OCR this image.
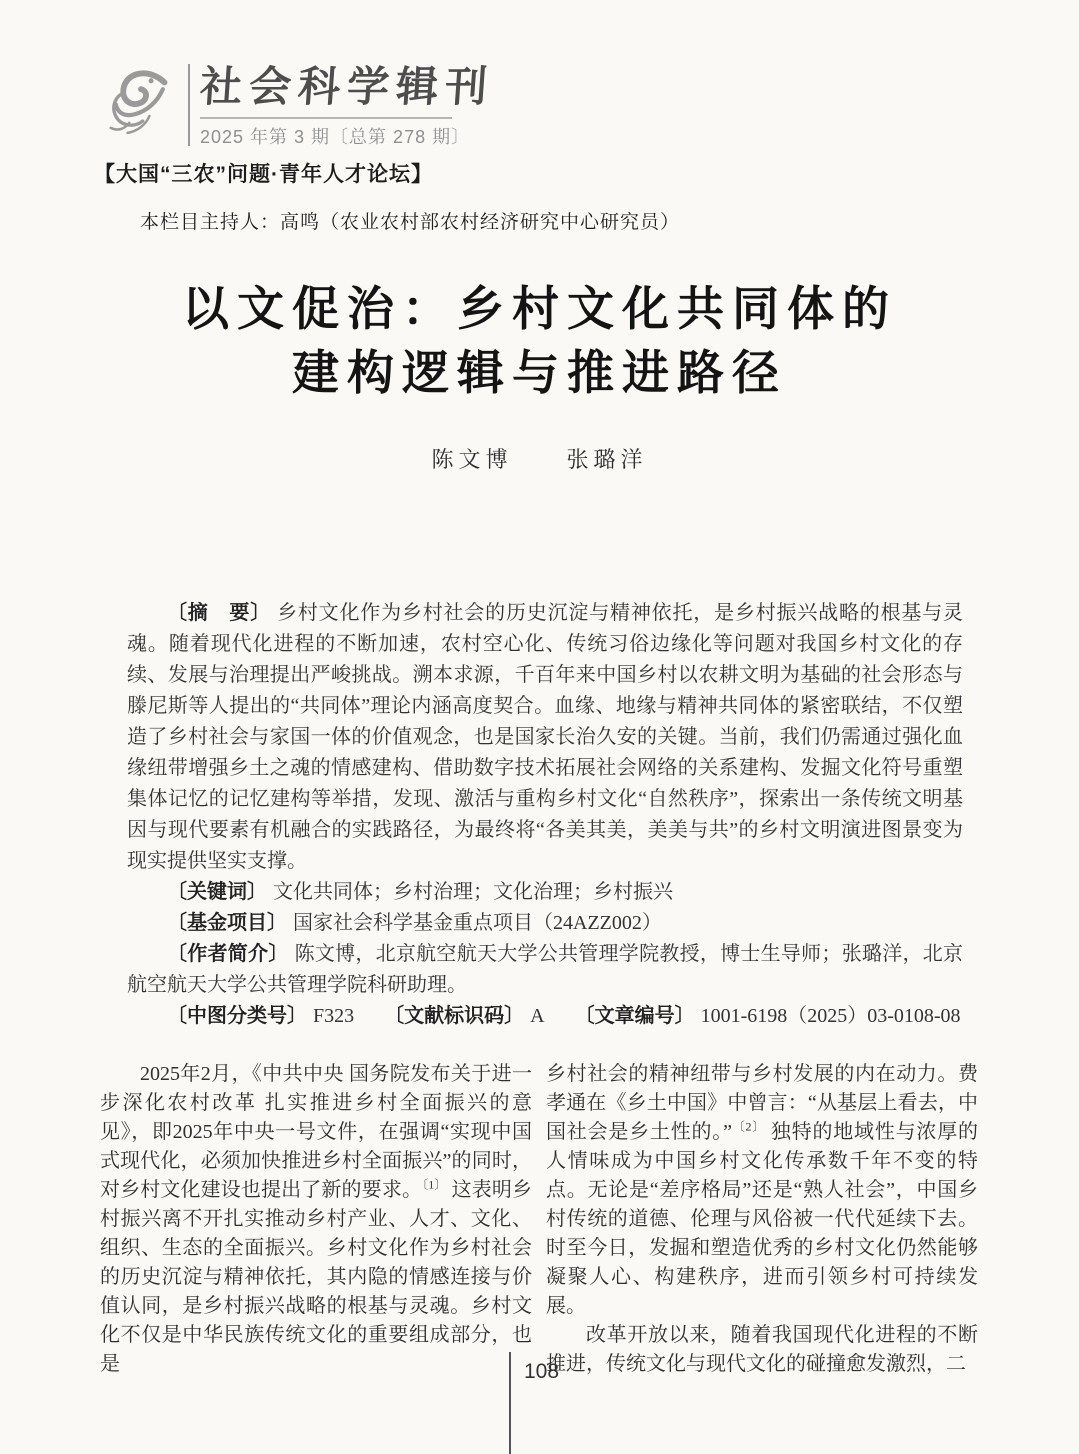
社会科学辑刊
2025 年第 3 期〔总第 278 期〕
【大国“三农”问题·青年人才论坛】
本栏目主持人：高鸣（农业农村部农村经济研究中心研究员）
以文促治：乡村文化共同体的
建构逻辑与推进路径
陈文博　　张璐洋

〔摘　要〕 乡村文化作为乡村社会的历史沉淀与精神依托，是乡村振兴战略的根基与灵魂。随着现代化进程的不断加速，农村空心化、传统习俗边缘化等问题对我国乡村文化的存续、发展与治理提出严峻挑战。溯本求源，千百年来中国乡村以农耕文明为基础的社会形态与滕尼斯等人提出的“共同体”理论内涵高度契合。血缘、地缘与精神共同体的紧密联结，不仅塑造了乡村社会与家国一体的价值观念，也是国家长治久安的关键。当前，我们仍需通过强化血缘纽带增强乡土之魂的情感建构、借助数字技术拓展社会网络的关系建构、发掘文化符号重塑集体记忆的记忆建构等举措，发现、激活与重构乡村文化“自然秩序”，探索出一条传统文明基因与现代要素有机融合的实践路径，为最终将“各美其美，美美与共”的乡村文明演进图景变为现实提供坚实支撑。

〔关键词〕 文化共同体；乡村治理；文化治理；乡村振兴

〔基金项目〕 国家社会科学基金重点项目（24AZZ002）

〔作者简介〕 陈文博，北京航空航天大学公共管理学院教授，博士生导师；张璐洋，北京航空航天大学公共管理学院科研助理。

〔中图分类号〕 F323 〔文献标识码〕 A 〔文章编号〕 1001-6198（2025）03-0108-08

2025年2月，《中共中央 国务院发布关于进一步深化农村改革 扎实推进乡村全面振兴的意见》，即2025年中央一号文件，在强调“实现中国式现代化，必须加快推进乡村全面振兴”的同时，对乡村文化建设也提出了新的要求。$^{〔1〕}$ 这表明乡村振兴离不开扎实推动乡村产业、人才、文化、组织、生态的全面振兴。乡村文化作为乡村社会的历史沉淀与精神依托，其内隐的情感连接与价值认同，是乡村振兴战略的根基与灵魂。乡村文化不仅是中华民族传统文化的重要组成部分，也是

乡村社会的精神纽带与乡村发展的内在动力。费孝通在《乡土中国》中曾言：“从基层上看去，中国社会是乡土性的。”$^{〔2〕}$ 独特的地域性与浓厚的人情味成为中国乡村文化传承数千年不变的特点。无论是“差序格局”还是“熟人社会”，中国乡村传统的道德、伦理与风俗被一代代延续下去。时至今日，发掘和塑造优秀的乡村文化仍然能够凝聚人心、构建秩序，进而引领乡村可持续发展。

改革开放以来，随着我国现代化进程的不断推进，传统文化与现代文化的碰撞愈发激烈，二

108
